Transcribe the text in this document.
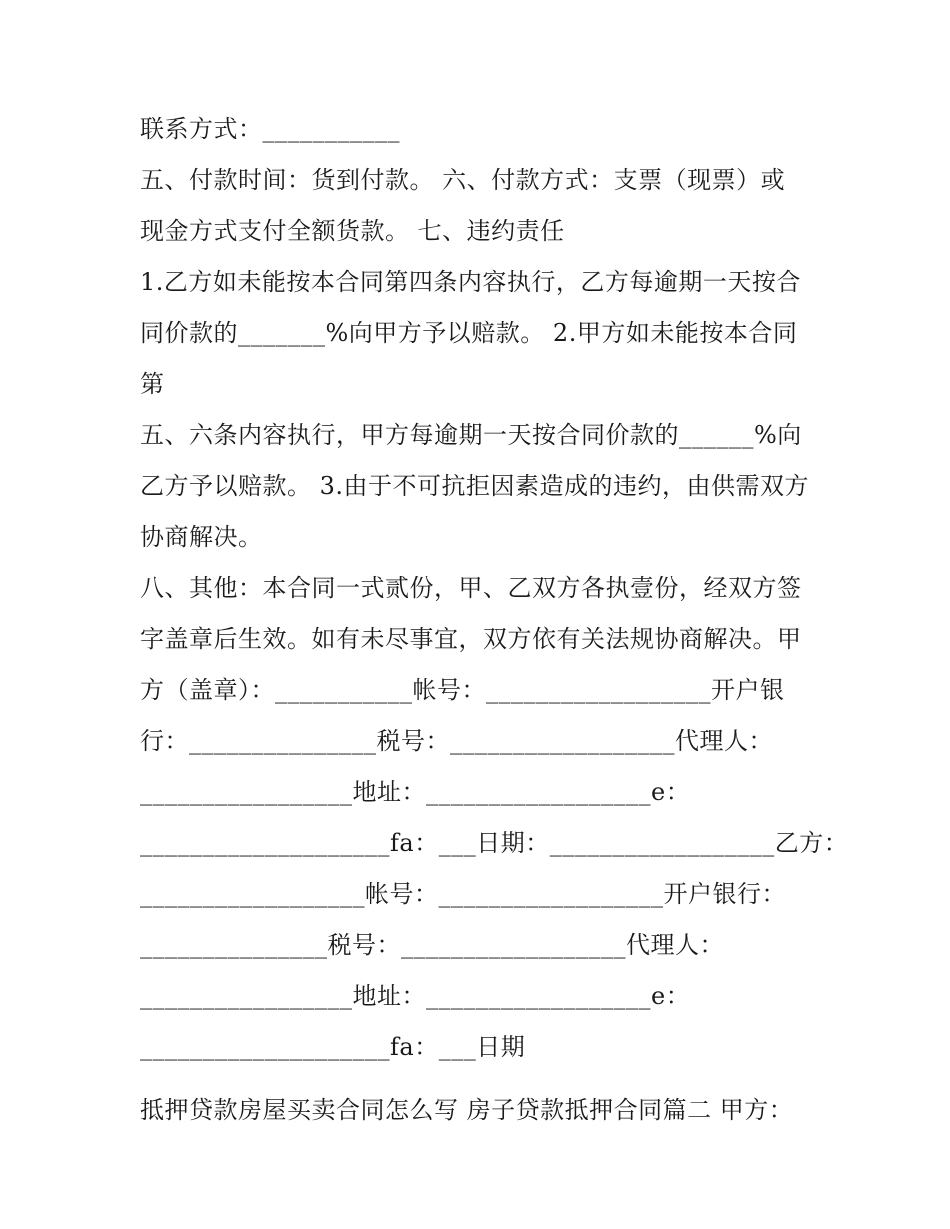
联系方式：___________
五、付款时间：货到付款。 六、付款方式：支票（现票）或
现金方式支付全额货款。 七、违约责任
1.乙方如未能按本合同第四条内容执行，乙方每逾期一天按合
同价款的_______%向甲方予以赔款。 2.甲方如未能按本合同
第
五、六条内容执行，甲方每逾期一天按合同价款的______%向
乙方予以赔款。 3.由于不可抗拒因素造成的违约，由供需双方
协商解决。
八、其他：本合同一式贰份，甲、乙双方各执壹份，经双方签
字盖章后生效。如有未尽事宜，双方依有关法规协商解决。甲
方（盖章）：___________帐号：__________________开户银
行：_______________税号：__________________代理人：
_________________地址：__________________e：
____________________fa：___日期：__________________乙方：
__________________帐号：__________________开户银行：
_______________税号：__________________代理人：
_________________地址：__________________e：
____________________fa：___日期
抵押贷款房屋买卖合同怎么写 房子贷款抵押合同篇二 甲方：
